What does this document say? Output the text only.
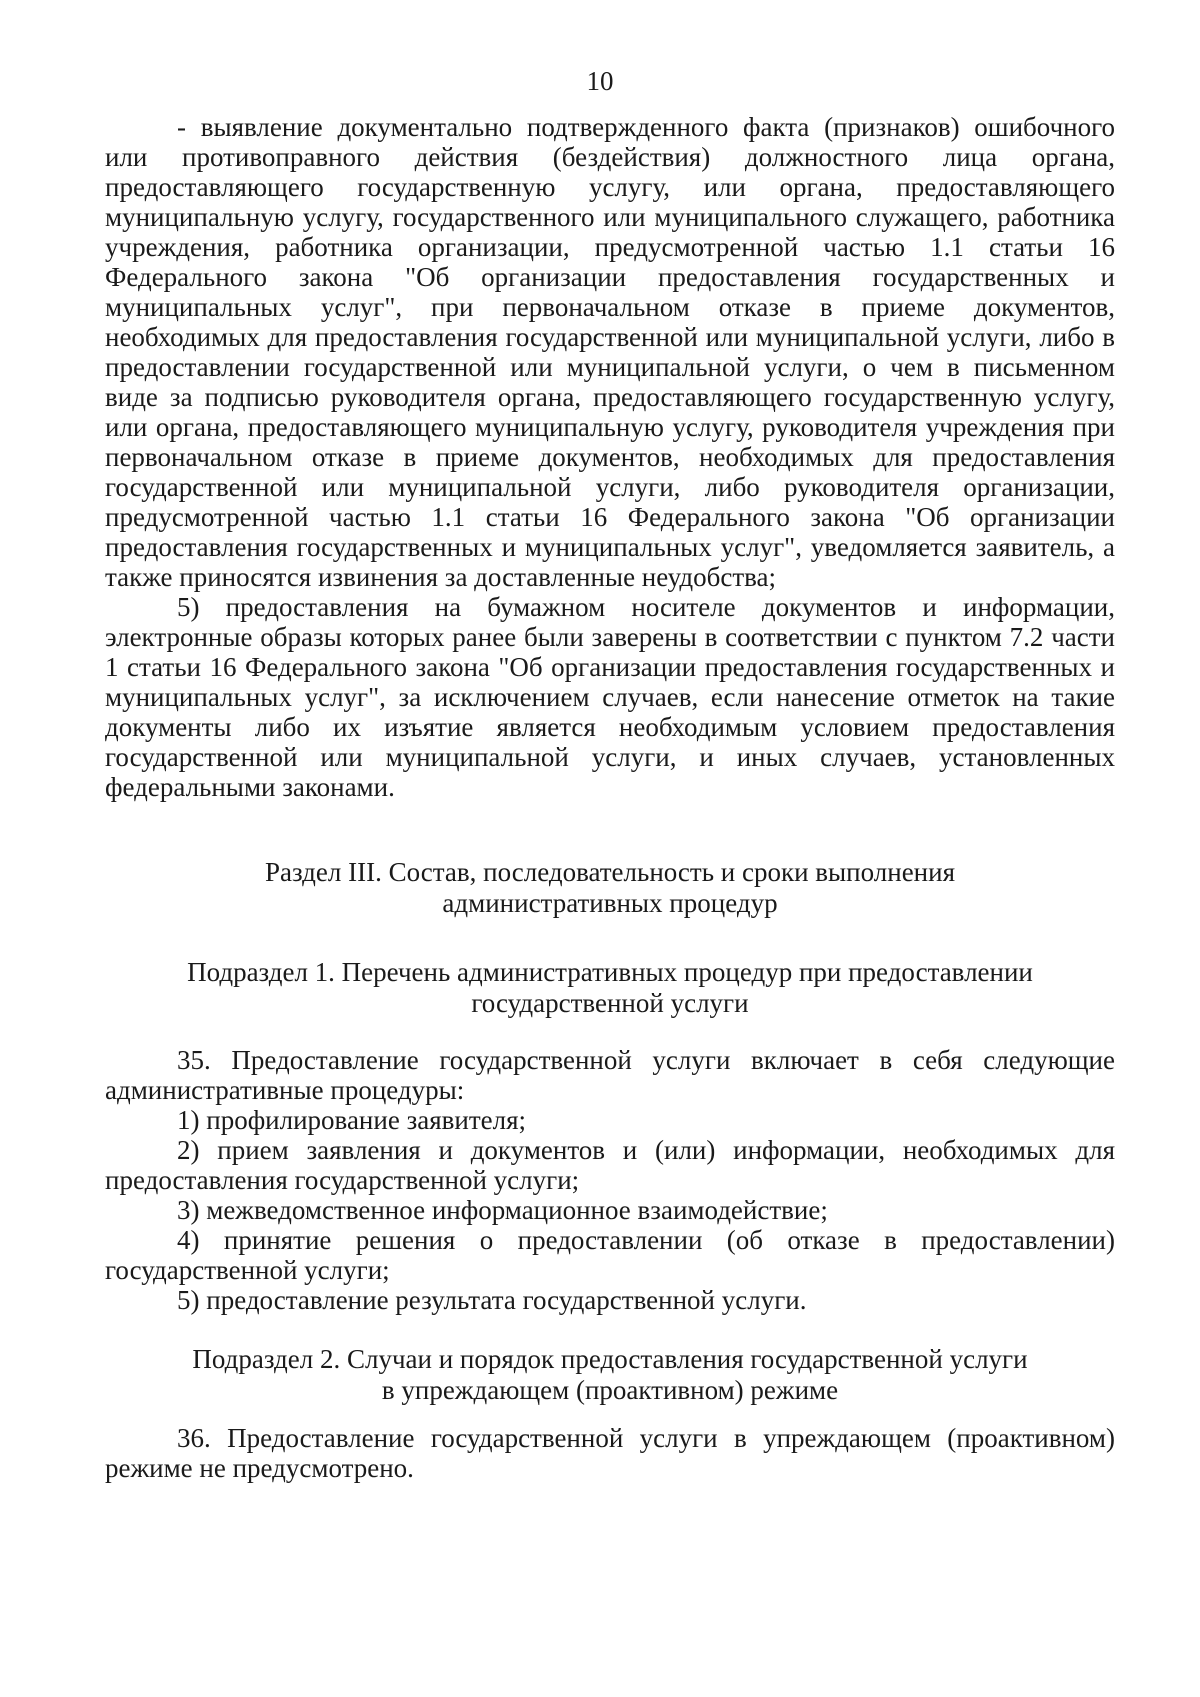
10

- выявление документально подтвержденного факта (признаков) ошибочного или противоправного действия (бездействия) должностного лица органа, предоставляющего государственную услугу, или органа, предоставляющего муниципальную услугу, государственного или муниципального служащего, работника учреждения, работника организации, предусмотренной частью 1.1 статьи 16 Федерального закона "Об организации предоставления государственных и муниципальных услуг", при первоначальном отказе в приеме документов, необходимых для предоставления государственной или муниципальной услуги, либо в предоставлении государственной или муниципальной услуги, о чем в письменном виде за подписью руководителя органа, предоставляющего государственную услугу, или органа, предоставляющего муниципальную услугу, руководителя учреждения при первоначальном отказе в приеме документов, необходимых для предоставления государственной или муниципальной услуги, либо руководителя организации, предусмотренной частью 1.1 статьи 16 Федерального закона "Об организации предоставления государственных и муниципальных услуг", уведомляется заявитель, а также приносятся извинения за доставленные неудобства;

5) предоставления на бумажном носителе документов и информации, электронные образы которых ранее были заверены в соответствии с пунктом 7.2 части 1 статьи 16 Федерального закона "Об организации предоставления государственных и муниципальных услуг", за исключением случаев, если нанесение отметок на такие документы либо их изъятие является необходимым условием предоставления государственной или муниципальной услуги, и иных случаев, установленных федеральными законами.

Раздел III. Состав, последовательность и сроки выполнения
административных процедур
Подраздел 1. Перечень административных процедур при предоставлении
государственной услуги

35. Предоставление государственной услуги включает в себя следующие административные процедуры:

1) профилирование заявителя;

2) прием заявления и документов и (или) информации, необходимых для предоставления государственной услуги;

3) межведомственное информационное взаимодействие;

4) принятие решения о предоставлении (об отказе в предоставлении) государственной услуги;

5) предоставление результата государственной услуги.

Подраздел 2. Случаи и порядок предоставления государственной услуги
в упреждающем (проактивном) режиме

36. Предоставление государственной услуги в упреждающем (проактивном) режиме не предусмотрено.
